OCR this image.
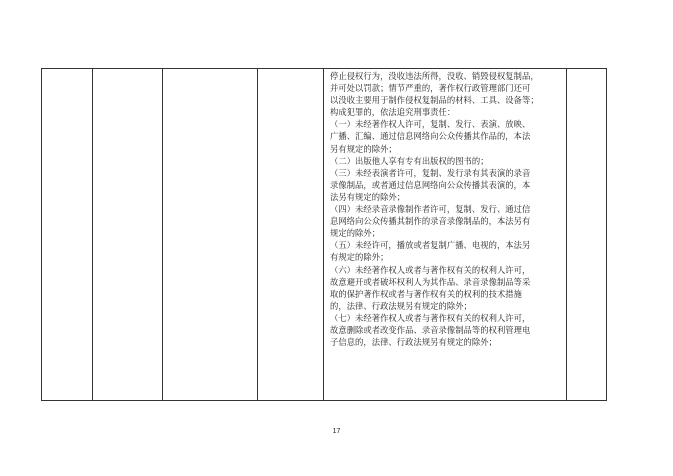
停止侵权行为，没收违法所得，没收、销毁侵权复制品，
并可处以罚款；情节严重的，著作权行政管理部门还可
以没收主要用于制作侵权复制品的材料、工具、设备等；
构成犯罪的，依法追究刑事责任：
（一）未经著作权人许可，复制、发行、表演、放映、
广播、汇编、通过信息网络向公众传播其作品的，本法
另有规定的除外；
（二）出版他人享有专有出版权的图书的；
（三）未经表演者许可，复制、发行录有其表演的录音
录像制品，或者通过信息网络向公众传播其表演的，本
法另有规定的除外；
（四）未经录音录像制作者许可，复制、发行、通过信
息网络向公众传播其制作的录音录像制品的，本法另有
规定的除外；
（五）未经许可，播放或者复制广播、电视的，本法另
有规定的除外；
（六）未经著作权人或者与著作权有关的权利人许可，
故意避开或者破坏权利人为其作品、录音录像制品等采
取的保护著作权或者与著作权有关的权利的技术措施
的，法律、行政法规另有规定的除外；
（七）未经著作权人或者与著作权有关的权利人许可，
故意删除或者改变作品、录音录像制品等的权利管理电
子信息的，法律、行政法规另有规定的除外；

17
